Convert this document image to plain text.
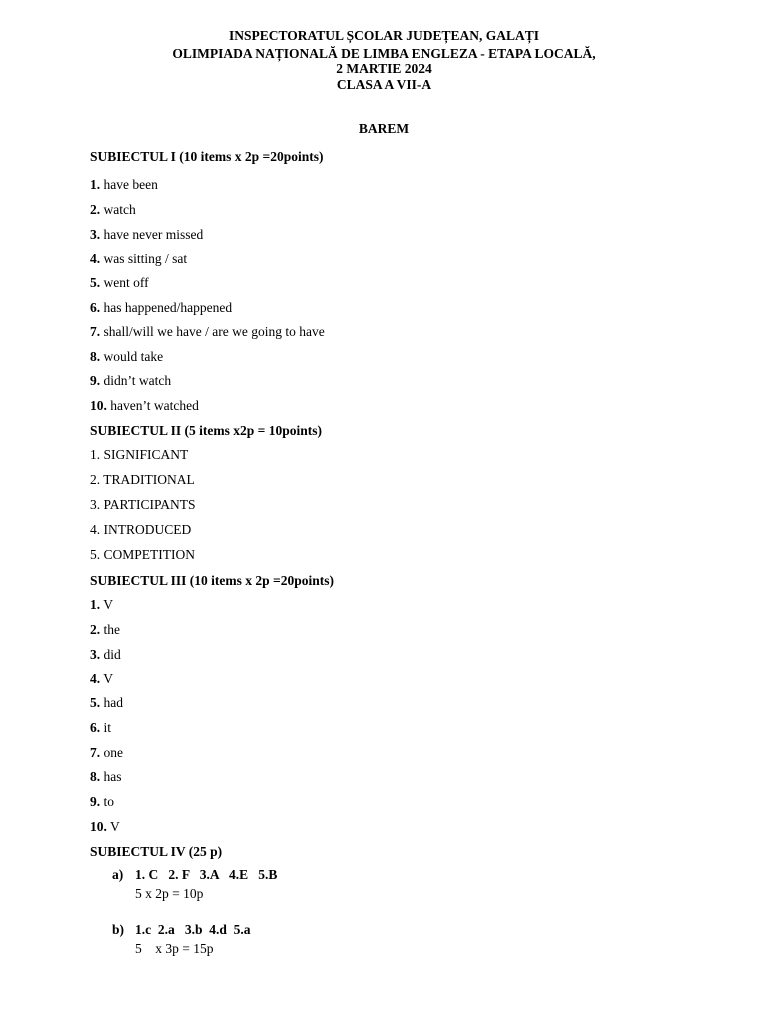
INSPECTORATUL ȘCOLAR JUDEȚEAN, GALAȚI
OLIMPIADA NAȚIONALĂ DE LIMBA ENGLEZA - ETAPA LOCALĂ,
2 MARTIE 2024
CLASA A VII-A
BAREM
SUBIECTUL I (10 items x 2p =20points)
1. have been
2. watch
3. have never missed
4. was sitting / sat
5. went off
6. has happened/happened
7. shall/will we have / are we going to have
8. would take
9. didn’t watch
10. haven’t watched
SUBIECTUL II (5 items x2p = 10points)
1. SIGNIFICANT
2. TRADITIONAL
3. PARTICIPANTS
4. INTRODUCED
5. COMPETITION
SUBIECTUL III (10 items x 2p =20points)
1. V
2. the
3. did
4. V
5. had
6. it
7. one
8. has
9. to
10. V
SUBIECTUL IV (25 p)
a) 1. C   2. F   3.A   4.E   5.B
5 x 2p = 10p
b) 1.c  2.a   3.b  4.d  5.a
5    x 3p = 15p
